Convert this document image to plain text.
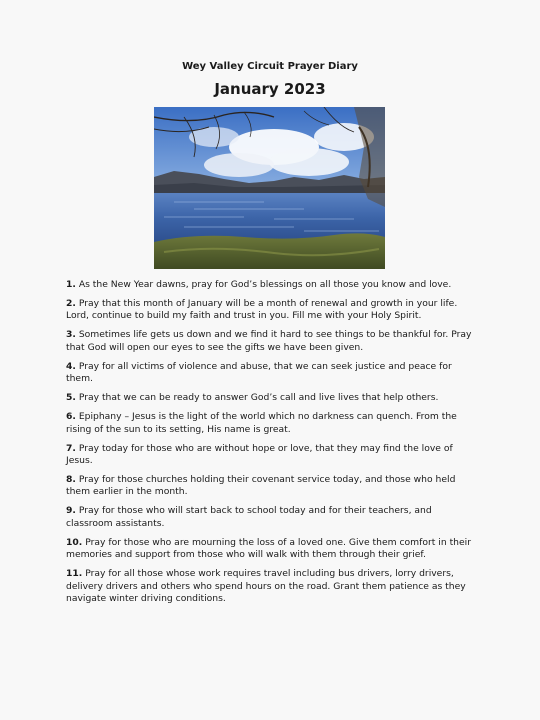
Wey Valley Circuit Prayer Diary
January 2023

1. As the New Year dawns, pray for God’s blessings on all those you know and love.

2. Pray that this month of January will be a month of renewal and growth in your life. Lord, continue to build my faith and trust in you. Fill me with your Holy Spirit.

3. Sometimes life gets us down and we find it hard to see things to be thankful for. Pray that God will open our eyes to see the gifts we have been given.

4. Pray for all victims of violence and abuse, that we can seek justice and peace for them.

5. Pray that we can be ready to answer God’s call and live lives that help others.

6. Epiphany – Jesus is the light of the world which no darkness can quench. From the rising of the sun to its setting, His name is great.

7. Pray today for those who are without hope or love, that they may find the love of Jesus.

8. Pray for those churches holding their covenant service today, and those who held them earlier in the month.

9. Pray for those who will start back to school today and for their teachers, and classroom assistants.

10. Pray for those who are mourning the loss of a loved one. Give them comfort in their memories and support from those who will walk with them through their grief.

11. Pray for all those whose work requires travel including bus drivers, lorry drivers, delivery drivers and others who spend hours on the road. Grant them patience as they navigate winter driving conditions.
